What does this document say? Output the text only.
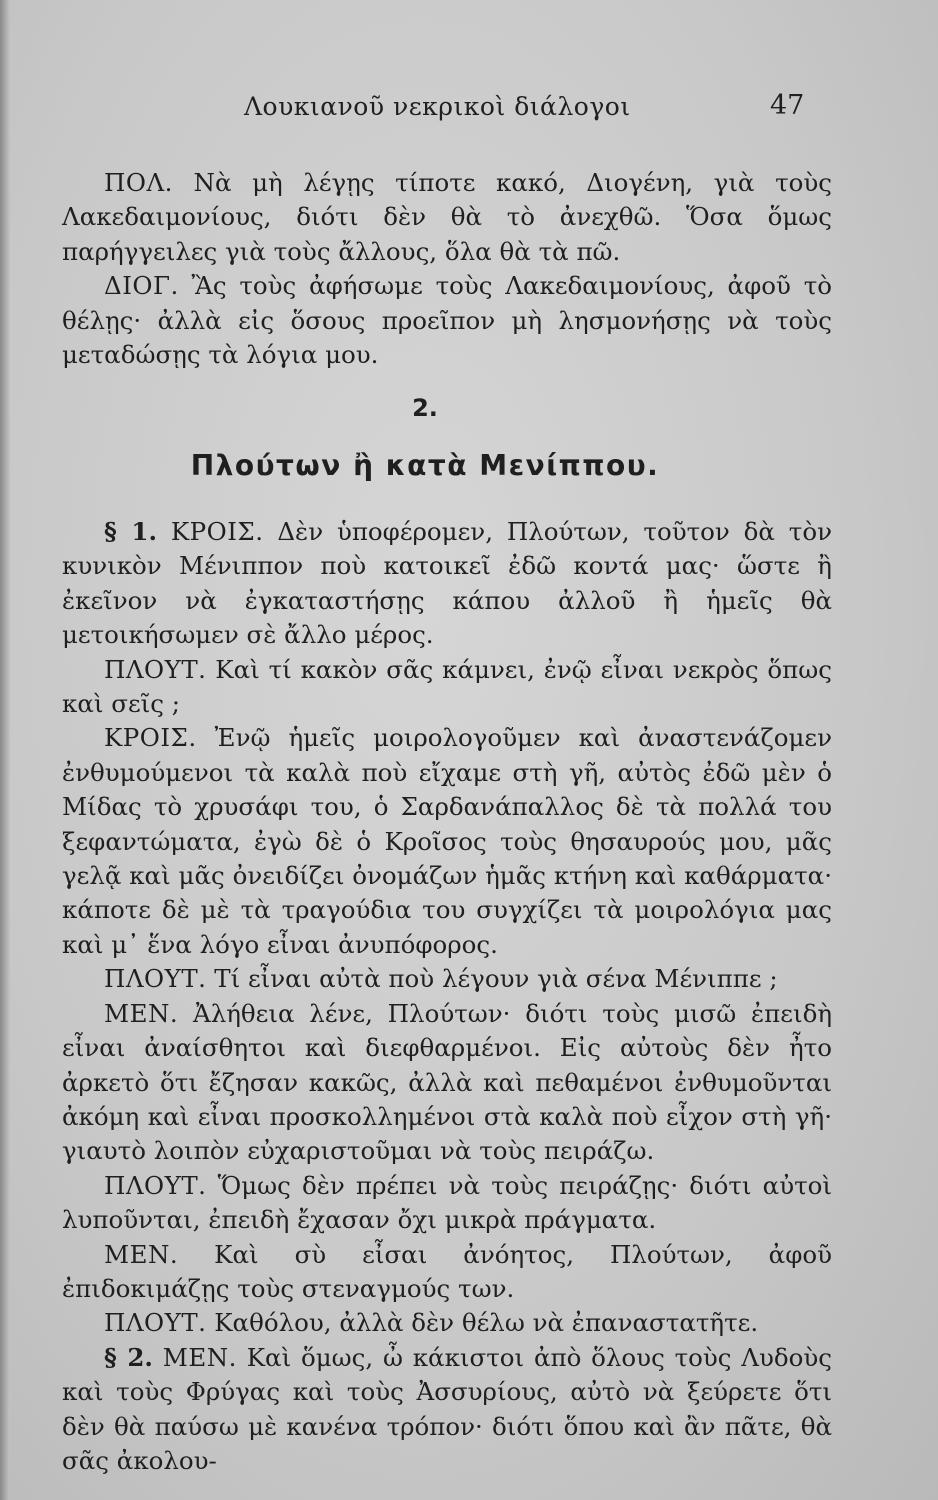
Λουκιανοῦ νεκρικοὶ διάλογοι	47

ΠΟΛ. Νὰ μὴ λέγῃς τίποτε κακό, Διογένη, γιὰ τοὺς Λακεδαιμονίους, διότι δὲν θὰ τὸ ἀνεχθῶ. Ὅσα ὅμως παρήγγειλες γιὰ τοὺς ἄλλους, ὅλα θὰ τὰ πῶ.

ΔΙΟΓ. Ἂς τοὺς ἀφήσωμε τοὺς Λακεδαιμονίους, ἀφοῦ τὸ θέλῃς· ἀλλὰ εἰς ὅσους προεῖπον μὴ λησμονήσῃς νὰ τοὺς μεταδώσῃς τὰ λόγια μου.

2.
Πλούτων ἢ κατὰ Μενίππου.

§ 1. ΚΡΟΙΣ. Δὲν ὑποφέρομεν, Πλούτων, τοῦτον δὰ τὸν κυνικὸν Μένιππον ποὺ κατοικεῖ ἐδῶ κοντά μας· ὥστε ἢ ἐκεῖνον νὰ ἐγκαταστήσῃς κάπου ἀλλοῦ ἢ ἡμεῖς θὰ μετοικήσωμεν σὲ ἄλλο μέρος.

ΠΛΟΥΤ. Καὶ τί κακὸν σᾶς κάμνει, ἐνῷ εἶναι νεκρὸς ὅπως καὶ σεῖς ;

ΚΡΟΙΣ. Ἐνῷ ἡμεῖς μοιρολογοῦμεν καὶ ἀναστενάζομεν ἐνθυμούμενοι τὰ καλὰ ποὺ εἴχαμε στὴ γῆ, αὐτὸς ἐδῶ μὲν ὁ Μίδας τὸ χρυσάφι του, ὁ Σαρδανάπαλλος δὲ τὰ πολλά του ξεφαντώματα, ἐγὼ δὲ ὁ Κροῖσος τοὺς θησαυρούς μου, μᾶς γελᾷ καὶ μᾶς ὀνειδίζει ὀνομάζων ἡμᾶς κτήνη καὶ καθάρματα· κάποτε δὲ μὲ τὰ τραγούδια του συγχίζει τὰ μοιρολόγια μας καὶ μ᾽ ἕνα λόγο εἶναι ἀνυπόφορος.

ΠΛΟΥΤ. Τί εἶναι αὐτὰ ποὺ λέγουν γιὰ σένα Μένιππε ;

ΜΕΝ. Ἀλήθεια λένε, Πλούτων· διότι τοὺς μισῶ ἐπειδὴ εἶναι ἀναίσθητοι καὶ διεφθαρμένοι. Εἰς αὐτοὺς δὲν ἦτο ἀρκετὸ ὅτι ἔζησαν κακῶς, ἀλλὰ καὶ πεθαμένοι ἐνθυμοῦνται ἀκόμη καὶ εἶναι προσκολλημένοι στὰ καλὰ ποὺ εἶχον στὴ γῆ· γιαυτὸ λοιπὸν εὐχαριστοῦμαι νὰ τοὺς πειράζω.

ΠΛΟΥΤ. Ὅμως δὲν πρέπει νὰ τοὺς πειράζῃς· διότι αὐτοὶ λυποῦνται, ἐπειδὴ ἔχασαν ὄχι μικρὰ πράγματα.

ΜΕΝ. Καὶ σὺ εἶσαι ἀνόητος, Πλούτων, ἀφοῦ ἐπιδοκιμάζῃς τοὺς στεναγμούς των.

ΠΛΟΥΤ. Καθόλου, ἀλλὰ δὲν θέλω νὰ ἐπαναστατῆτε.

§ 2. ΜΕΝ. Καὶ ὅμως, ὦ κάκιστοι ἀπὸ ὅλους τοὺς Λυδοὺς καὶ τοὺς Φρύγας καὶ τοὺς Ἀσσυρίους, αὐτὸ νὰ ξεύρετε ὅτι δὲν θὰ παύσω μὲ κανένα τρόπον· διότι ὅπου καὶ ἂν πᾶτε, θὰ σᾶς ἀκολου-
